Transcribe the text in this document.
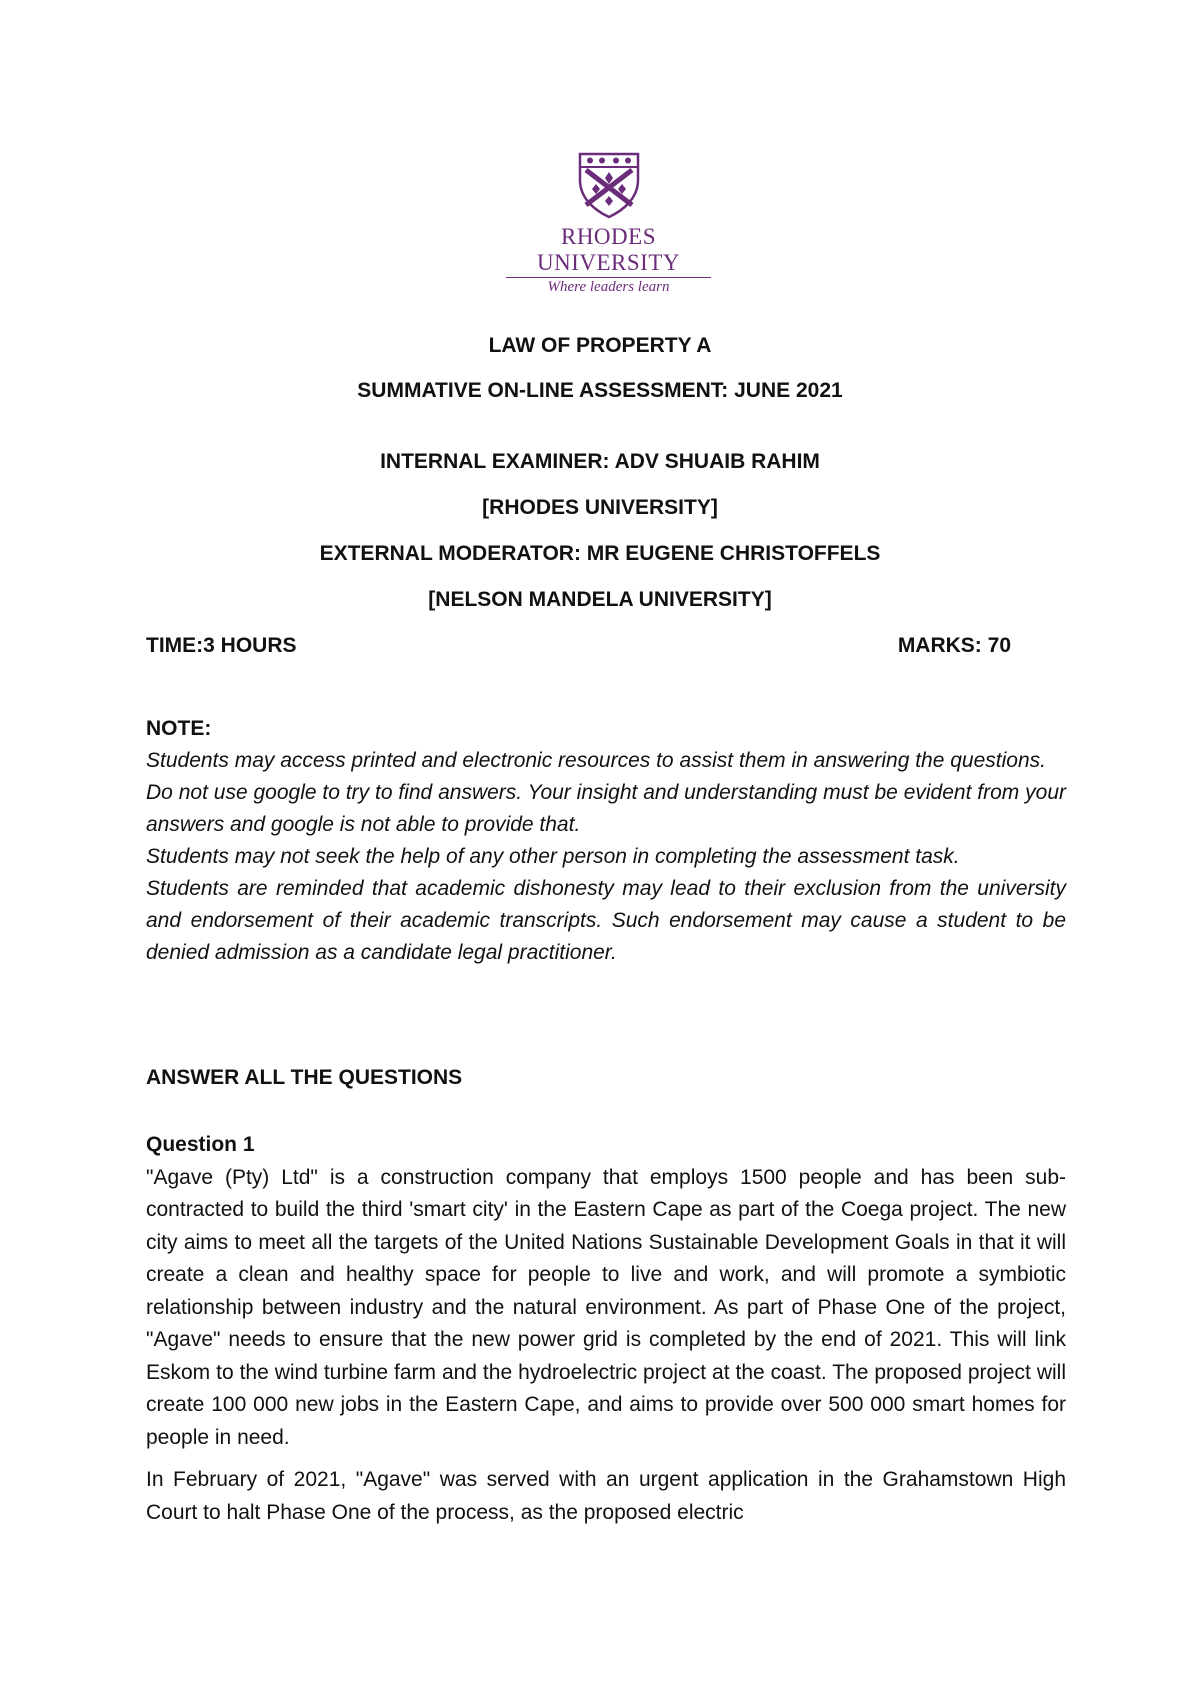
RHODES UNIVERSITY
Where leaders learn
LAW OF PROPERTY A
SUMMATIVE ON-LINE ASSESSMENT: JUNE 2021
INTERNAL EXAMINER: ADV SHUAIB RAHIM
[RHODES UNIVERSITY]
EXTERNAL MODERATOR: MR EUGENE CHRISTOFFELS
[NELSON MANDELA UNIVERSITY]
TIME:3 HOURS	MARKS: 70
NOTE:
Students may access printed and electronic resources to assist them in answering the questions.
Do not use google to try to find answers. Your insight and understanding must be evident from your answers and google is not able to provide that.
Students may not seek the help of any other person in completing the assessment task.
Students are reminded that academic dishonesty may lead to their exclusion from the university and endorsement of their academic transcripts. Such endorsement may cause a student to be denied admission as a candidate legal practitioner.
ANSWER ALL THE QUESTIONS
Question 1

"Agave (Pty) Ltd" is a construction company that employs 1500 people and has been sub-contracted to build the third 'smart city' in the Eastern Cape as part of the Coega project. The new city aims to meet all the targets of the United Nations Sustainable Development Goals in that it will create a clean and healthy space for people to live and work, and will promote a symbiotic relationship between industry and the natural environment. As part of Phase One of the project, "Agave" needs to ensure that the new power grid is completed by the end of 2021. This will link Eskom to the wind turbine farm and the hydroelectric project at the coast. The proposed project will create 100 000 new jobs in the Eastern Cape, and aims to provide over 500 000 smart homes for people in need.

In February of 2021, "Agave" was served with an urgent application in the Grahamstown High Court to halt Phase One of the process, as the proposed electric
